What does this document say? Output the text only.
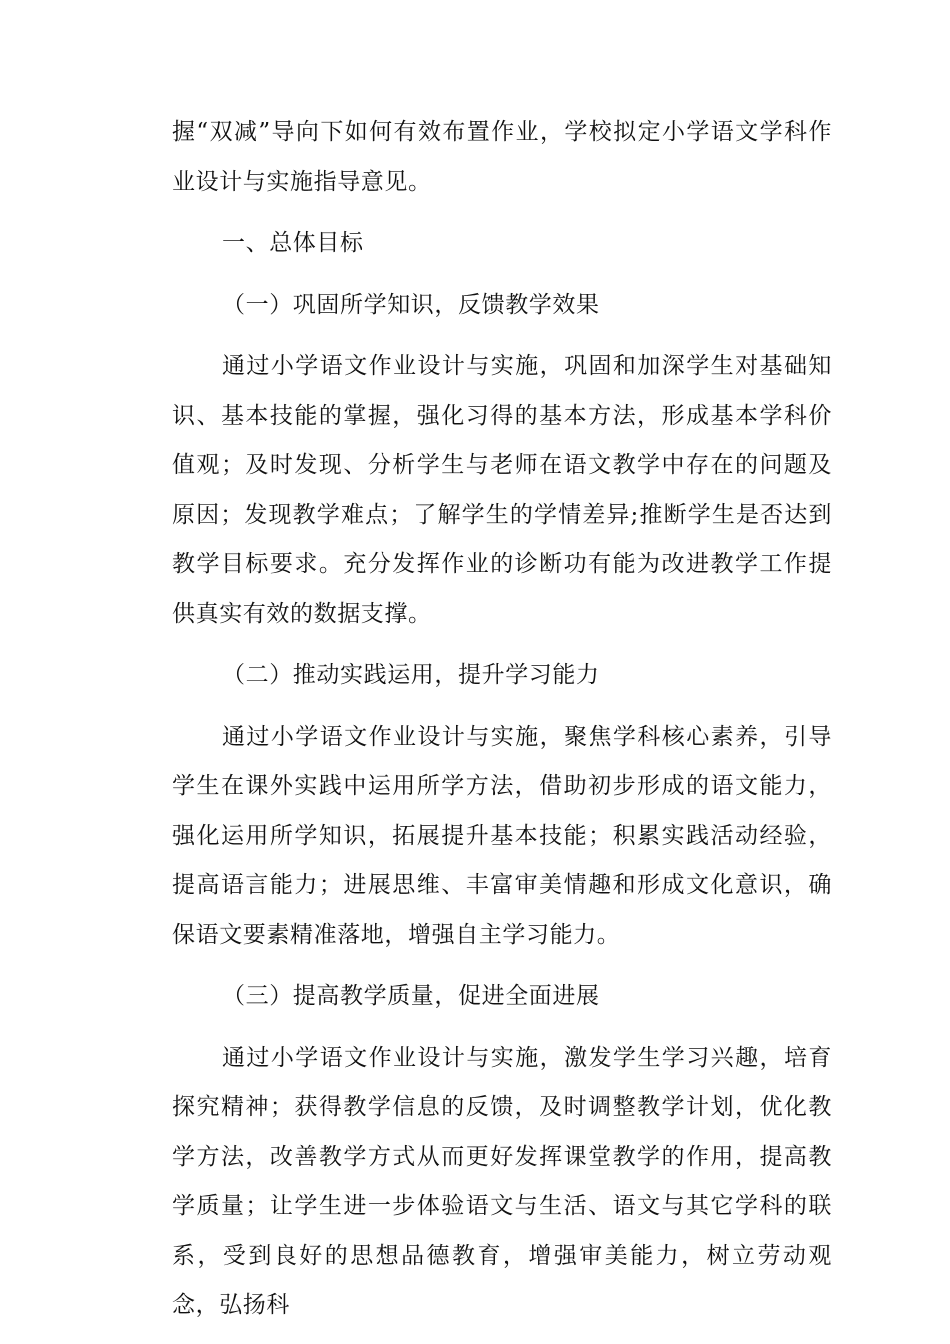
握“双减”导向下如何有效布置作业，学校拟定小学语文学科作业设计与实施指导意见。

一、总体目标

（一）巩固所学知识，反馈教学效果

通过小学语文作业设计与实施，巩固和加深学生对基础知识、基本技能的掌握，强化习得的基本方法，形成基本学科价值观；及时发现、分析学生与老师在语文教学中存在的问题及原因；发现教学难点；了解学生的学情差异;推断学生是否达到教学目标要求。充分发挥作业的诊断功有能为改进教学工作提供真实有效的数据支撑。

（二）推动实践运用，提升学习能力

通过小学语文作业设计与实施，聚焦学科核心素养，引导学生在课外实践中运用所学方法，借助初步形成的语文能力，强化运用所学知识，拓展提升基本技能；积累实践活动经验，提高语言能力；进展思维、丰富审美情趣和形成文化意识，确保语文要素精准落地，增强自主学习能力。

（三）提高教学质量，促进全面进展

通过小学语文作业设计与实施，激发学生学习兴趣，培育探究精神；获得教学信息的反馈，及时调整教学计划，优化教学方法，改善教学方式从而更好发挥课堂教学的作用，提高教学质量；让学生进一步体验语文与生活、语文与其它学科的联系，受到良好的思想品德教育，增强审美能力，树立劳动观念，弘扬科
